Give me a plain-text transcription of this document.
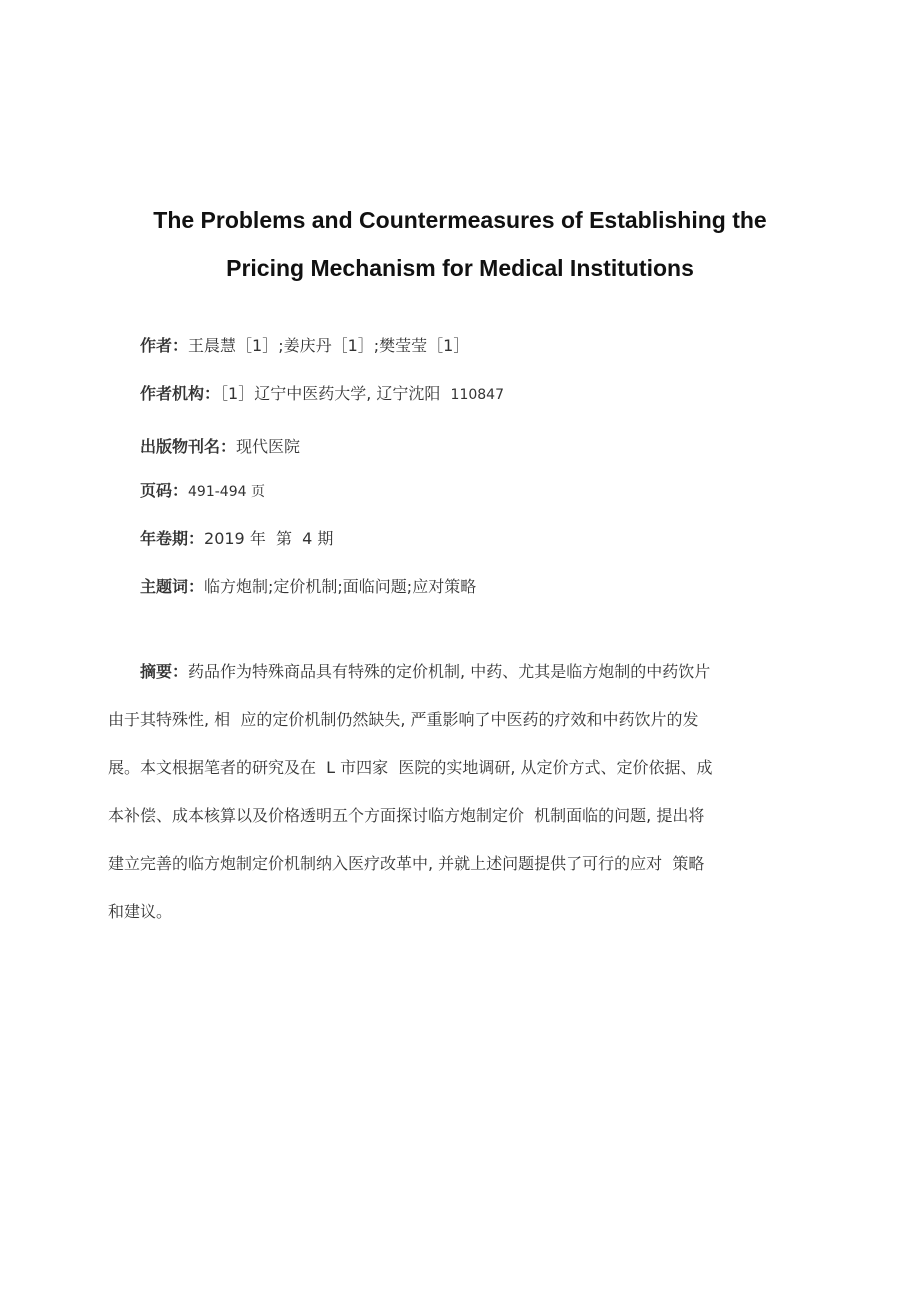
The Problems and Countermeasures of Establishing the
Pricing Mechanism for Medical Institutions
作者：王晨慧［1］;姜庆丹［1］;樊莹莹［1］
作者机构：［1］辽宁中医药大学, 辽宁沈阳 110847
出版物刊名：现代医院
页码：491-494 页
年卷期：2019 年  第  4 期
主题词：临方炮制;定价机制;面临问题;应对策略
摘要：药品作为特殊商品具有特殊的定价机制, 中药、尤其是临方炮制的中药饮片
由于其特殊性, 相  应的定价机制仍然缺失, 严重影响了中医药的疗效和中药饮片的发
展。本文根据笔者的研究及在  L 市四家  医院的实地调研, 从定价方式、定价依据、成
本补偿、成本核算以及价格透明五个方面探讨临方炮制定价  机制面临的问题, 提出将
建立完善的临方炮制定价机制纳入医疗改革中, 并就上述问题提供了可行的应对  策略
和建议。
